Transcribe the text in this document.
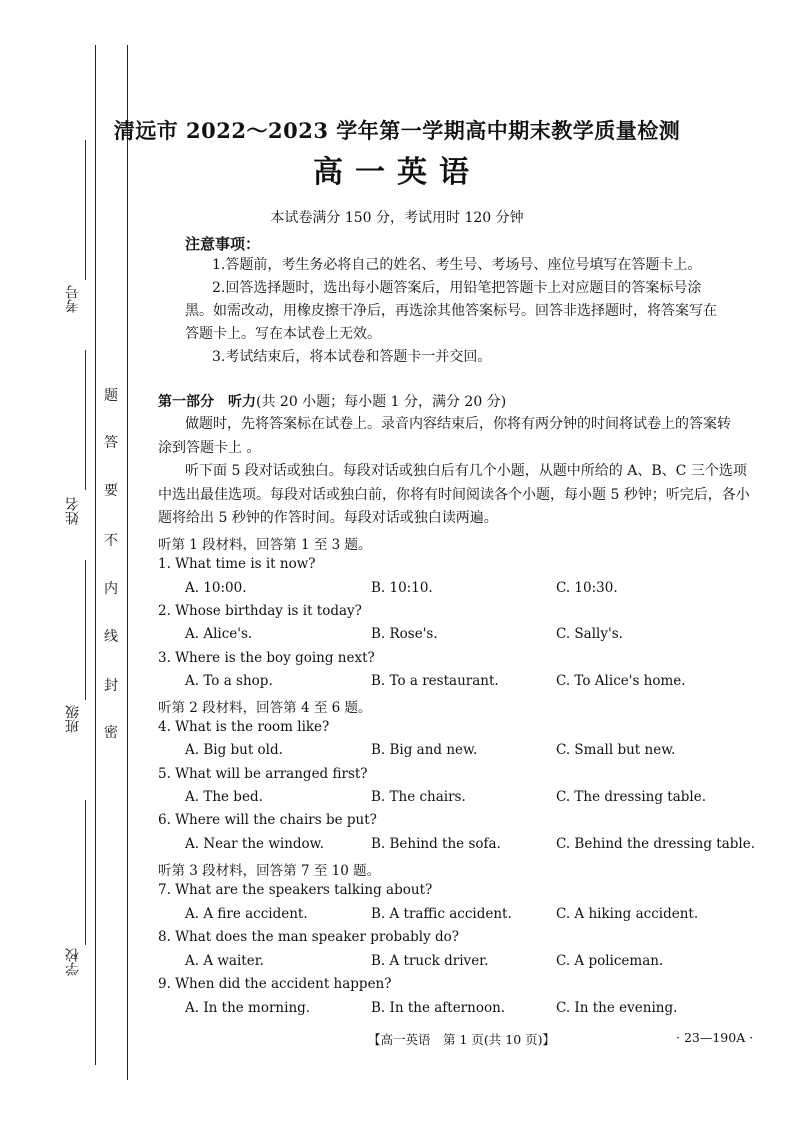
考号
姓名
班级
学校
题
答
要
不
内
线
封
密
清远市 2022～2023 学年第一学期高中期末教学质量检测
高一英语
本试卷满分 150 分，考试用时 120 分钟
注意事项：
1.答题前，考生务必将自己的姓名、考生号、考场号、座位号填写在答题卡上。
2.回答选择题时，选出每小题答案后，用铅笔把答题卡上对应题目的答案标号涂
黑。如需改动，用橡皮擦干净后，再选涂其他答案标号。回答非选择题时，将答案写在
答题卡上。写在本试卷上无效。
3.考试结束后，将本试卷和答题卡一并交回。
第一部分　听力(共 20 小题；每小题 1 分，满分 20 分)
做题时，先将答案标在试卷上。录音内容结束后，你将有两分钟的时间将试卷上的答案转
涂到答题卡上 。
听下面 5 段对话或独白。每段对话或独白后有几个小题，从题中所给的 A、B、C 三个选项
中选出最佳选项。每段对话或独白前，你将有时间阅读各个小题，每小题 5 秒钟；听完后，各小
题将给出 5 秒钟的作答时间。每段对话或独白读两遍。
听第 1 段材料，回答第 1 至 3 题。
1. What time is it now?
A. 10:00.	B. 10:10.	C. 10:30.
2. Whose birthday is it today?
A. Alice's.	B. Rose's.	C. Sally's.
3. Where is the boy going next?
A. To a shop.	B. To a restaurant.	C. To Alice's home.
听第 2 段材料，回答第 4 至 6 题。
4. What is the room like?
A. Big but old.	B. Big and new.	C. Small but new.
5. What will be arranged first?
A. The bed.	B. The chairs.	C. The dressing table.
6. Where will the chairs be put?
A. Near the window.	B. Behind the sofa.	C. Behind the dressing table.
听第 3 段材料，回答第 7 至 10 题。
7. What are the speakers talking about?
A. A fire accident.	B. A traffic accident.	C. A hiking accident.
8. What does the man speaker probably do?
A. A waiter.	B. A truck driver.	C. A policeman.
9. When did the accident happen?
A. In the morning.	B. In the afternoon.	C. In the evening.
【高一英语　第 1 页(共 10 页)】	· 23—190A ·
